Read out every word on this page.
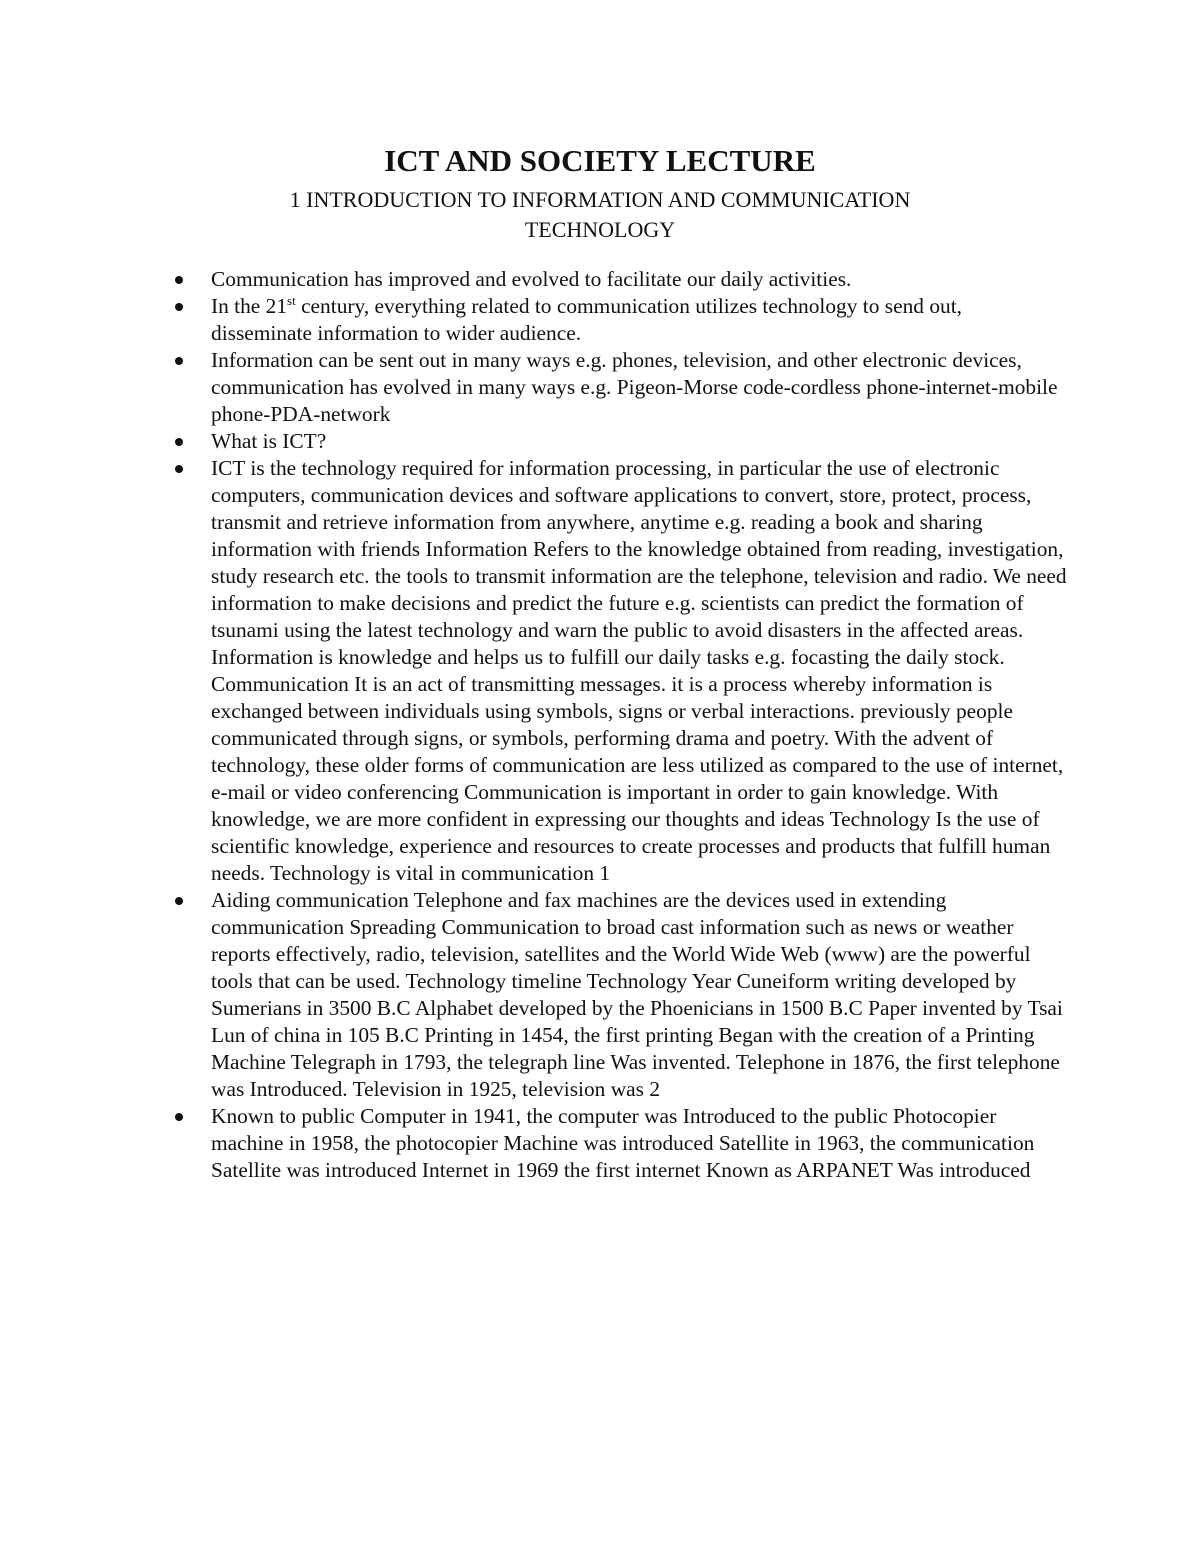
ICT AND SOCIETY LECTURE

1 INTRODUCTION TO INFORMATION AND COMMUNICATION
TECHNOLOGY

Communication has improved and evolved to facilitate our daily activities.
In the 21st century, everything related to communication utilizes technology to send out, disseminate information to wider audience.
Information can be sent out in many ways e.g. phones, television, and other electronic devices, communication has evolved in many ways e.g. Pigeon-Morse code-cordless phone-internet-mobile phone-PDA-network
What is ICT?
ICT is the technology required for information processing, in particular the use of electronic computers, communication devices and software applications to convert, store, protect, process, transmit and retrieve information from anywhere, anytime e.g. reading a book and sharing information with friends Information Refers to the knowledge obtained from reading, investigation, study research etc. the tools to transmit information are the telephone, television and radio. We need information to make decisions and predict the future e.g. scientists can predict the formation of tsunami using the latest technology and warn the public to avoid disasters in the affected areas. Information is knowledge and helps us to fulfill our daily tasks e.g. focasting the daily stock. Communication It is an act of transmitting messages. it is a process whereby information is exchanged between individuals using symbols, signs or verbal interactions. previously people communicated through signs, or symbols, performing drama and poetry. With the advent of technology, these older forms of communication are less utilized as compared to the use of internet, e-mail or video conferencing Communication is important in order to gain knowledge. With knowledge, we are more confident in expressing our thoughts and ideas Technology Is the use of scientific knowledge, experience and resources to create processes and products that fulfill human needs. Technology is vital in communication 1
Aiding communication Telephone and fax machines are the devices used in extending communication Spreading Communication to broad cast information such as news or weather reports effectively, radio, television, satellites and the World Wide Web (www) are the powerful tools that can be used. Technology timeline Technology Year Cuneiform writing developed by Sumerians in 3500 B.C Alphabet developed by the Phoenicians in 1500 B.C Paper invented by Tsai Lun of china in 105 B.C Printing in 1454, the first printing Began with the creation of a Printing Machine Telegraph in 1793, the telegraph line Was invented. Telephone in 1876, the first telephone was Introduced. Television in 1925, television was 2
Known to public Computer in 1941, the computer was Introduced to the public Photocopier machine in 1958, the photocopier Machine was introduced Satellite in 1963, the communication Satellite was introduced Internet in 1969 the first internet Known as ARPANET Was introduced
